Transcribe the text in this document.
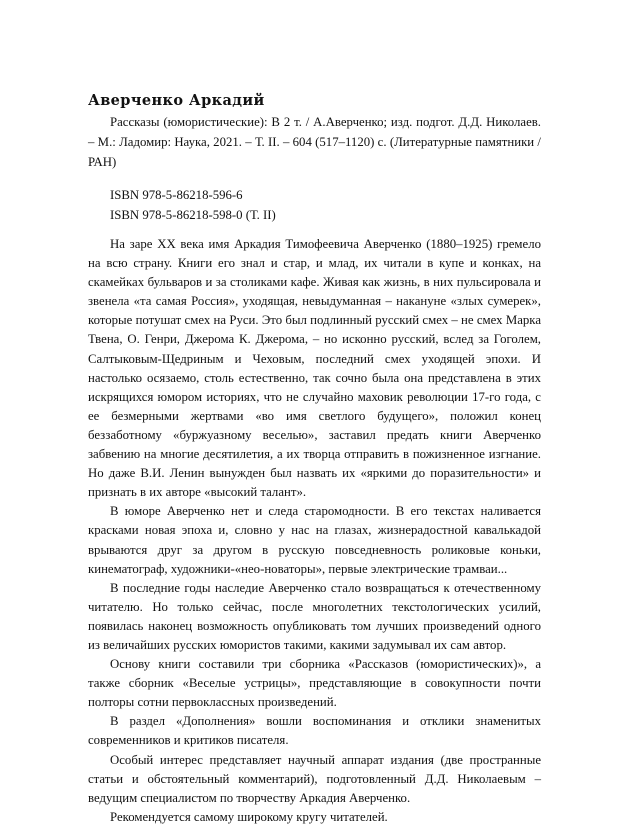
Аверченко Аркадий

Рассказы (юмористические): В 2 т. / А.Аверченко; изд. подгот. Д.Д. Николаев. – М.: Ладомир: Наука, 2021. – Т. II. – 604 (517–1120) с. (Литературные памятники / РАН)

ISBN 978-5-86218-596-6
ISBN 978-5-86218-598-0 (Т. II)

На заре XX века имя Аркадия Тимофеевича Аверченко (1880–1925) гремело на всю страну. Книги его знал и стар, и млад, их читали в купе и конках, на скамейках бульваров и за столиками кафе. Живая как жизнь, в них пульсировала и звенела «та самая Россия», уходящая, невыдуманная – накануне «злых сумерек», которые потушат смех на Руси. Это был подлинный русский смех – не смех Марка Твена, О. Генри, Джерома К. Джерома, – но исконно русский, вслед за Гоголем, Салтыковым-Щедриным и Чеховым, последний смех уходящей эпохи. И настолько осязаемо, столь естественно, так сочно была она представлена в этих искрящихся юмором историях, что не случайно маховик революции 17-го года, с ее безмерными жертвами «во имя светлого будущего», положил конец беззаботному «буржуазному веселью», заставил предать книги Аверченко забвению на многие десятилетия, а их творца отправить в пожизненное изгнание. Но даже В.И. Ленин вынужден был назвать их «яркими до поразительности» и признать в их авторе «высокий талант».

В юморе Аверченко нет и следа старомодности. В его текстах наливается красками новая эпоха и, словно у нас на глазах, жизнерадостной кавалькадой врываются друг за другом в русскую повседневность роликовые коньки, кинематограф, художники-«нео-новаторы», первые электрические трамваи...

В последние годы наследие Аверченко стало возвращаться к отечественному читателю. Но только сейчас, после многолетних текстологических усилий, появилась наконец возможность опубликовать том лучших произведений одного из величайших русских юмористов такими, какими задумывал их сам автор.

Основу книги составили три сборника «Рассказов (юмористических)», а также сборник «Веселые устрицы», представляющие в совокупности почти полторы сотни первоклассных произведений.

В раздел «Дополнения» вошли воспоминания и отклики знаменитых современников и критиков писателя.

Особый интерес представляет научный аппарат издания (две пространные статьи и обстоятельный комментарий), подготовленный Д.Д. Николаевым – ведущим специалистом по творчеству Аркадия Аверченко.

Рекомендуется самому широкому кругу читателей.
